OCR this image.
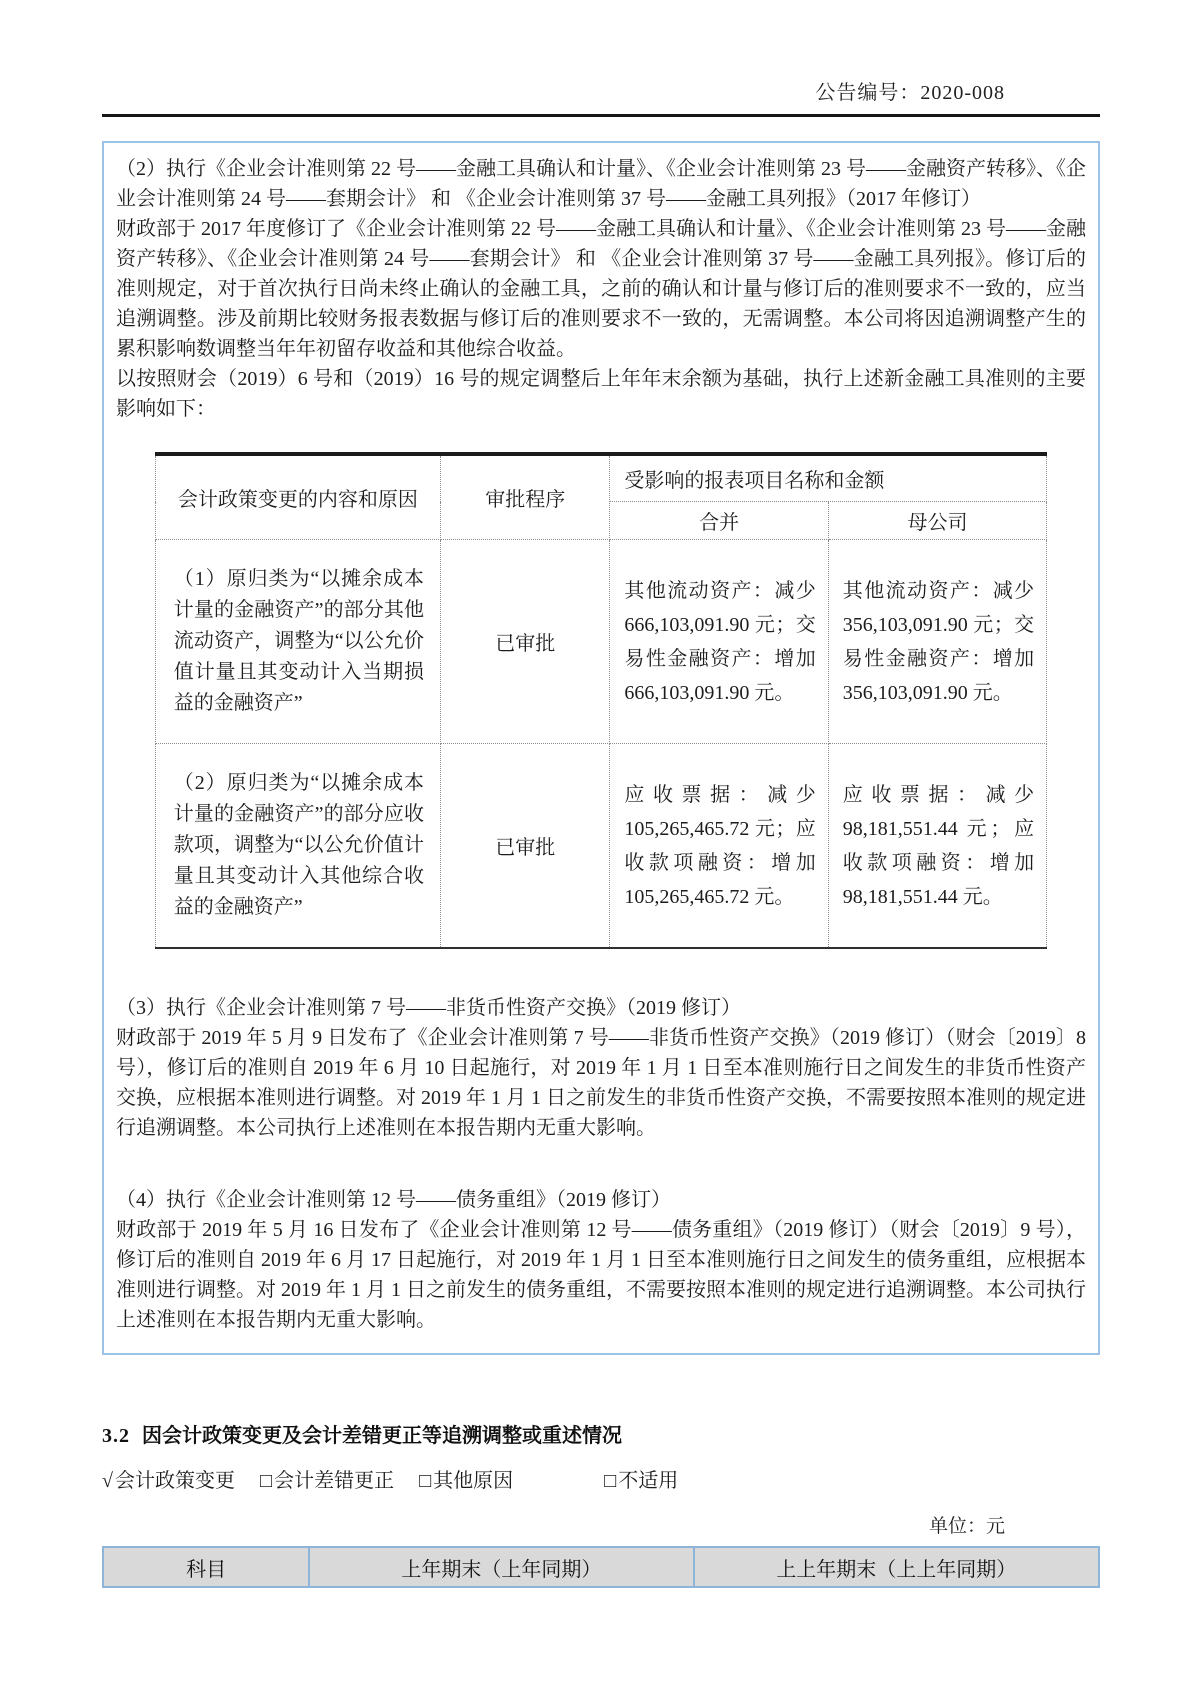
公告编号：2020-008

（2）执行《企业会计准则第 22 号——金融工具确认和计量》、《企业会计准则第 23 号——金融资产转移》、《企业会计准则第 24 号——套期会计》 和 《企业会计准则第 37 号——金融工具列报》（2017 年修订）

财政部于 2017 年度修订了《企业会计准则第 22 号——金融工具确认和计量》、《企业会计准则第 23 号——金融资产转移》、《企业会计准则第 24 号——套期会计》 和 《企业会计准则第 37 号——金融工具列报》。修订后的准则规定，对于首次执行日尚未终止确认的金融工具，之前的确认和计量与修订后的准则要求不一致的，应当追溯调整。涉及前期比较财务报表数据与修订后的准则要求不一致的，无需调整。本公司将因追溯调整产生的累积影响数调整当年年初留存收益和其他综合收益。

以按照财会（2019）6 号和（2019）16 号的规定调整后上年年末余额为基础，执行上述新金融工具准则的主要影响如下：

会计政策变更的内容和原因	审批程序	受影响的报表项目名称和金额	
		合并	母公司
（1）原归类为“以摊余成本计量的金融资产”的部分其他流动资产，调整为“以公允价值计量且其变动计入当期损益的金融资产”	已审批	其他流动资产：减少 666,103,091.90 元；交易性金融资产：增加 666,103,091.90 元。	其他流动资产：减少 356,103,091.90 元；交易性金融资产：增加 356,103,091.90 元。
（2）原归类为“以摊余成本计量的金融资产”的部分应收款项，调整为“以公允价值计量且其变动计入其他综合收益的金融资产”	已审批	应收票据：减少 105,265,465.72 元；应收款项融资：增加 105,265,465.72 元。	应收票据：减少 98,181,551.44 元；应收款项融资：增加 98,181,551.44 元。

（3）执行《企业会计准则第 7 号——非货币性资产交换》（2019 修订）

财政部于 2019 年 5 月 9 日发布了《企业会计准则第 7 号——非货币性资产交换》（2019 修订）（财会〔2019〕8 号），修订后的准则自 2019 年 6 月 10 日起施行，对 2019 年 1 月 1 日至本准则施行日之间发生的非货币性资产交换，应根据本准则进行调整。对 2019 年 1 月 1 日之前发生的非货币性资产交换，不需要按照本准则的规定进行追溯调整。本公司执行上述准则在本报告期内无重大影响。

（4）执行《企业会计准则第 12 号——债务重组》（2019 修订）

财政部于 2019 年 5 月 16 日发布了《企业会计准则第 12 号——债务重组》（2019 修订）（财会〔2019〕9 号），修订后的准则自 2019 年 6 月 17 日起施行，对 2019 年 1 月 1 日至本准则施行日之间发生的债务重组，应根据本准则进行调整。对 2019 年 1 月 1 日之前发生的债务重组，不需要按照本准则的规定进行追溯调整。本公司执行上述准则在本报告期内无重大影响。

3.2 因会计政策变更及会计差错更正等追溯调整或重述情况
√ 会计政策变更 □ 会计差错更正 □ 其他原因	□ 不适用
单位：元
科目	上年期末（上年同期）	上上年期末（上上年同期）
